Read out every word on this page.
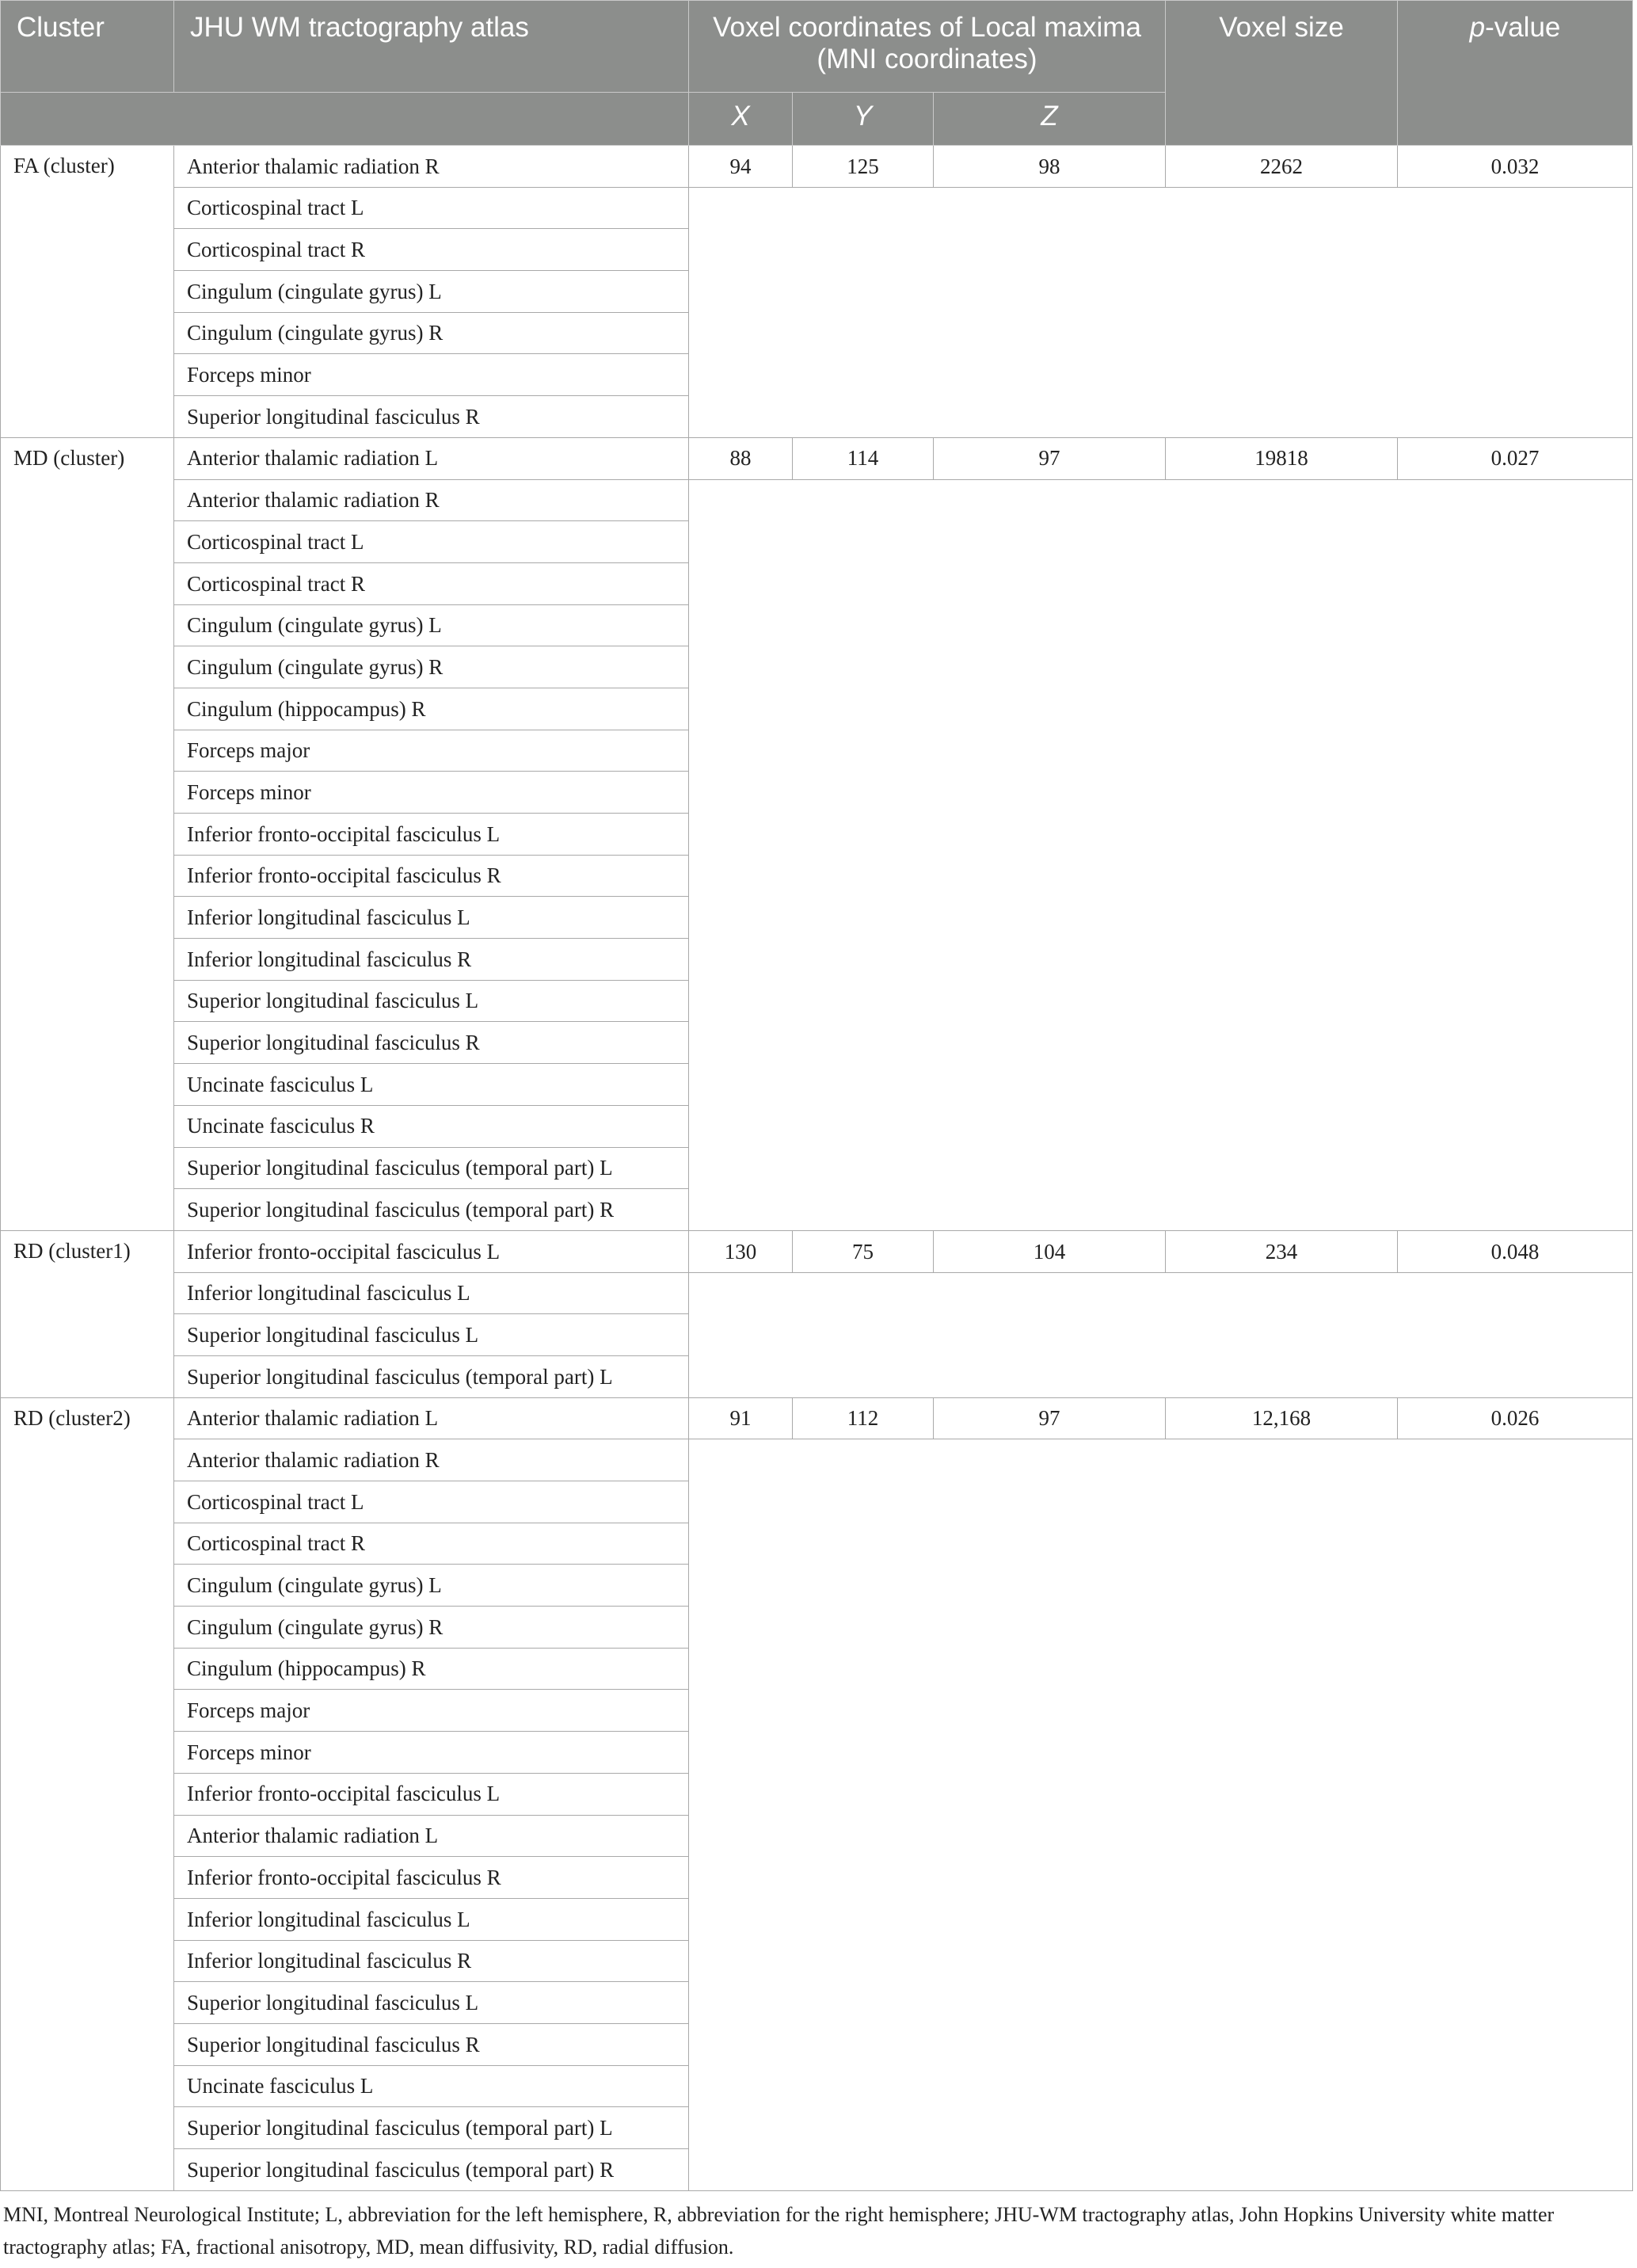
Cluster	JHU WM tractography atlas	Voxel coordinates of Local maxima (MNI coordinates)			Voxel size	p-value
		X	Y	Z		
FA (cluster)	Anterior thalamic radiation R	94	125	98	2262	0.032
	Corticospinal tract L					
	Corticospinal tract R					
	Cingulum (cingulate gyrus) L					
	Cingulum (cingulate gyrus) R					
	Forceps minor					
	Superior longitudinal fasciculus R					
MD (cluster)	Anterior thalamic radiation L	88	114	97	19818	0.027
	Anterior thalamic radiation R					
	Corticospinal tract L					
	Corticospinal tract R					
	Cingulum (cingulate gyrus) L					
	Cingulum (cingulate gyrus) R					
	Cingulum (hippocampus) R					
	Forceps major					
	Forceps minor					
	Inferior fronto-occipital fasciculus L					
	Inferior fronto-occipital fasciculus R					
	Inferior longitudinal fasciculus L					
	Inferior longitudinal fasciculus R					
	Superior longitudinal fasciculus L					
	Superior longitudinal fasciculus R					
	Uncinate fasciculus L					
	Uncinate fasciculus R					
	Superior longitudinal fasciculus (temporal part) L					
	Superior longitudinal fasciculus (temporal part) R					
RD (cluster1)	Inferior fronto-occipital fasciculus L	130	75	104	234	0.048
	Inferior longitudinal fasciculus L					
	Superior longitudinal fasciculus L					
	Superior longitudinal fasciculus (temporal part) L					
RD (cluster2)	Anterior thalamic radiation L	91	112	97	12,168	0.026
	Anterior thalamic radiation R					
	Corticospinal tract L					
	Corticospinal tract R					
	Cingulum (cingulate gyrus) L					
	Cingulum (cingulate gyrus) R					
	Cingulum (hippocampus) R					
	Forceps major					
	Forceps minor					
	Inferior fronto-occipital fasciculus L					
	Anterior thalamic radiation L					
	Inferior fronto-occipital fasciculus R					
	Inferior longitudinal fasciculus L					
	Inferior longitudinal fasciculus R					
	Superior longitudinal fasciculus L					
	Superior longitudinal fasciculus R					
	Uncinate fasciculus L					
	Superior longitudinal fasciculus (temporal part) L					
	Superior longitudinal fasciculus (temporal part) R					
MNI, Montreal Neurological Institute; L, abbreviation for the left hemisphere, R, abbreviation for the right hemisphere; JHU-WM tractography atlas, John Hopkins University white matter tractography atlas; FA, fractional anisotropy, MD, mean diffusivity, RD, radial diffusion.
